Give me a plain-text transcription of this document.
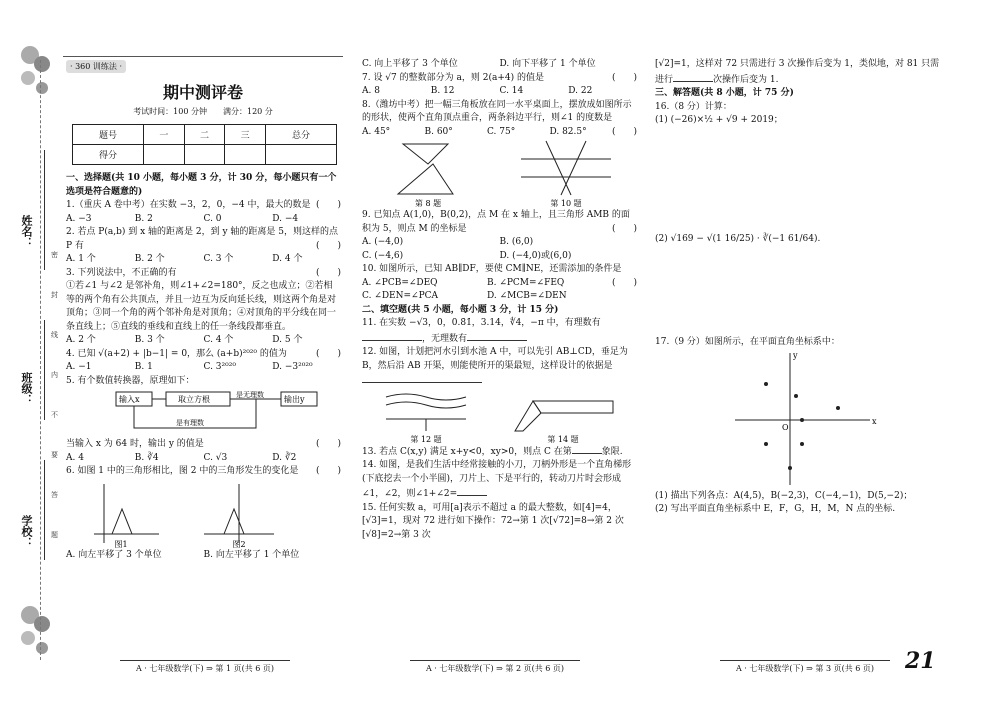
姓名：
班级：
学校：
密
封
线
内
不
要
答
题
· 360 训练法 ·
期中测评卷
考试时间：100 分钟　　满分：120 分
题号	一	二	三	总分
得分				

一、选择题(共 10 小题，每小题 3 分，计 30 分，每小题只有一个选项是符合题意的)

1.（重庆 A 卷中考）在实数 −3，2，0，−4 中，最大的数是 (　　)

A. −3	B. 2	C. 0	D. −4

2. 若点 P(a,b) 到 x 轴的距离是 2，到 y 轴的距离是 5，则这样的点 P 有	(　　)

A. 1 个	B. 2 个	C. 3 个	D. 4 个

3. 下列说法中，不正确的有	(　　)

①若∠1 与∠2 是邻补角，则∠1+∠2=180°，反之也成立；②若相等的两个角有公共顶点，并且一边互为反向延长线，则这两个角是对顶角；③同一个角的两个邻补角是对顶角；④对顶角的平分线在同一条直线上；⑤直线的垂线和直线上的任一条线段都垂直。

A. 2 个	B. 3 个	C. 4 个	D. 5 个

4. 已知 √(a+2) + |b−1| = 0，那么 (a+b)²⁰²⁰ 的值为	(　　)

A. −1	B. 1	C. 3²⁰²⁰	D. −3²⁰²⁰

5. 有个数值转换器，原理如下：

输入x	取立方根	是无理数	输出y
是有理数

当输入 x 为 64 时，输出 y 的值是	(　　)

A. 4	B. ∛4	C. √3	D. ∛2

6. 如图 1 中的三角形相比，图 2 中的三角形发生的变化是 (　　)

图1	图2
A. 向左平移了 3 个单位	B. 向左平移了 1 个单位
A · 七年级数学(下) ⇒ 第 1 页(共 6 页)
C. 向上平移了 3 个单位	D. 向下平移了 1 个单位

7. 设 √7 的整数部分为 a，则 2(a+4) 的值是	(　　)

A. 8	B. 12	C. 14	D. 22

8.（潍坊中考）把一幅三角板放在同一水平桌面上，摆放成如图所示的形状，使两个直角顶点重合，两条斜边平行，则∠1 的度数是
(　　)

A. 45°	B. 60°	C. 75°	D. 82.5°
第 8 题	第 10 题

9. 已知点 A(1,0)，B(0,2)，点 M 在 x 轴上，且三角形 AMB 的面积为 5，则点 M 的坐标是	(　　)

A. (−4,0)	B. (6,0)
C. (−4,6)	D. (−4,0)或(6,0)

10. 如图所示，已知 AB∥DF，要使 CM∥NE，还需添加的条件是
(　　)

A. ∠PCB=∠DEQ	B. ∠PCM=∠FEQ
C. ∠DEN=∠PCA	D. ∠MCB=∠DEN

二、填空题(共 5 小题，每小题 3 分，计 15 分)

11. 在实数 −√3，0，0.8̇1̇，3.14，∜4，−π 中，有理数有，无理数有

12. 如图，计划把河水引到水池 A 中，可以先引 AB⊥CD，垂足为 B，然后沿 AB 开渠，则能使所开的渠最短，这样设计的依据是

第 12 题	第 14 题

13. 若点 C(x,y) 满足 x+y<0，xy>0，则点 C 在第	象限.

14. 如图，是我们生活中经常接触的小刀，刀柄外形是一个直角梯形(下底挖去一个小半圆)，刀片上、下是平行的，转动刀片时会形成∠1，∠2，则∠1+∠2=

15. 任何实数 a，可用[a]表示不超过 a 的最大整数，如[4]=4，[√3]=1，现对 72 进行如下操作：72→第 1 次[√72]=8→第 2 次[√8]=2→第 3 次

A · 七年级数学(下) ⇒ 第 2 页(共 6 页)

[√2]=1，这样对 72 只需进行 3 次操作后变为 1，类似地，对 81 只需进行	次操作后变为 1.

三、解答题(共 8 小题，计 75 分)

16.（8 分）计算：

(1) (−26)×½ + √9 + 2019；

(2) √169 − √(1 16/25) · ∛(−1 61/64).

17.（9 分）如图所示，在平面直角坐标系中：

x
y
O

(1) 描出下列各点：A(4,5)，B(−2,3)，C(−4,−1)，D(5,−2)；

(2) 写出平面直角坐标系中 E，F，G，H，M，N 点的坐标.

A · 七年级数学(下) ⇒ 第 3 页(共 6 页)	21
